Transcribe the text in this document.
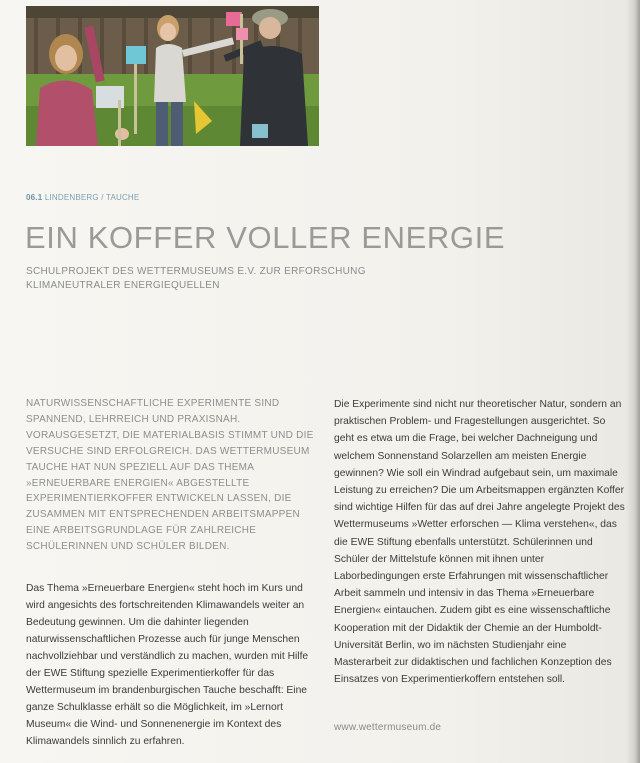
06.1 LINDENBERG / TAUCHE
EIN KOFFER VOLLER ENERGIE
SCHULPROJEKT DES WETTERMUSEUMS E.V. ZUR ERFORSCHUNG KLIMANEUTRALER ENERGIEQUELLEN
NATURWISSENSCHAFTLICHE EXPERIMENTE SIND SPANNEND, LEHRREICH UND PRAXISNAH. VORAUSGESETZT, DIE MATERIALBASIS STIMMT UND DIE VERSUCHE SIND ERFOLGREICH. DAS WETTERMUSEUM TAUCHE HAT NUN SPEZIELL AUF DAS THEMA »ERNEUERBARE ENERGIEN« ABGESTELLTE EXPERIMENTIERKOFFER ENTWICKELN LASSEN, DIE ZUSAMMEN MIT ENTSPRECHENDEN ARBEITSMAPPEN EINE ARBEITSGRUNDLAGE FÜR ZAHLREICHE SCHÜLERINNEN UND SCHÜLER BILDEN.

Das Thema »Erneuerbare Energien« steht hoch im Kurs und wird angesichts des fortschreitenden Klimawandels weiter an Bedeutung gewinnen. Um die dahinter liegenden naturwissenschaftlichen Prozesse auch für junge Menschen nachvollziehbar und verständlich zu machen, wurden mit Hilfe der EWE Stiftung spezielle Experimentierkoffer für das Wettermuseum im brandenburgischen Tauche beschafft: Eine ganze Schulklasse erhält so die Möglichkeit, im »Lernort Museum« die Wind- und Sonnenenergie im Kontext des Klimawandels sinnlich zu erfahren.

Die Experimente sind nicht nur theoretischer Natur, sondern an praktischen Problem- und Fragestellungen ausgerichtet. So geht es etwa um die Frage, bei welcher Dachneigung und welchem Sonnenstand Solarzellen am meisten Energie gewinnen? Wie soll ein Windrad aufgebaut sein, um maximale Leistung zu erreichen? Die um Arbeitsmappen ergänzten Koffer sind wichtige Hilfen für das auf drei Jahre angelegte Projekt des Wettermuseums »Wetter erforschen — Klima verstehen«, das die EWE Stiftung ebenfalls unterstützt. Schülerinnen und Schüler der Mittelstufe können mit ihnen unter Laborbedingungen erste Erfahrungen mit wissenschaftlicher Arbeit sammeln und intensiv in das Thema »Erneuerbare Energien« eintauchen. Zudem gibt es eine wissenschaftliche Kooperation mit der Didaktik der Chemie an der Humboldt-Universität Berlin, wo im nächsten Studienjahr eine Masterarbeit zur didaktischen und fachlichen Konzeption des Einsatzes von Experimentierkoffern entstehen soll.

www.wettermuseum.de
